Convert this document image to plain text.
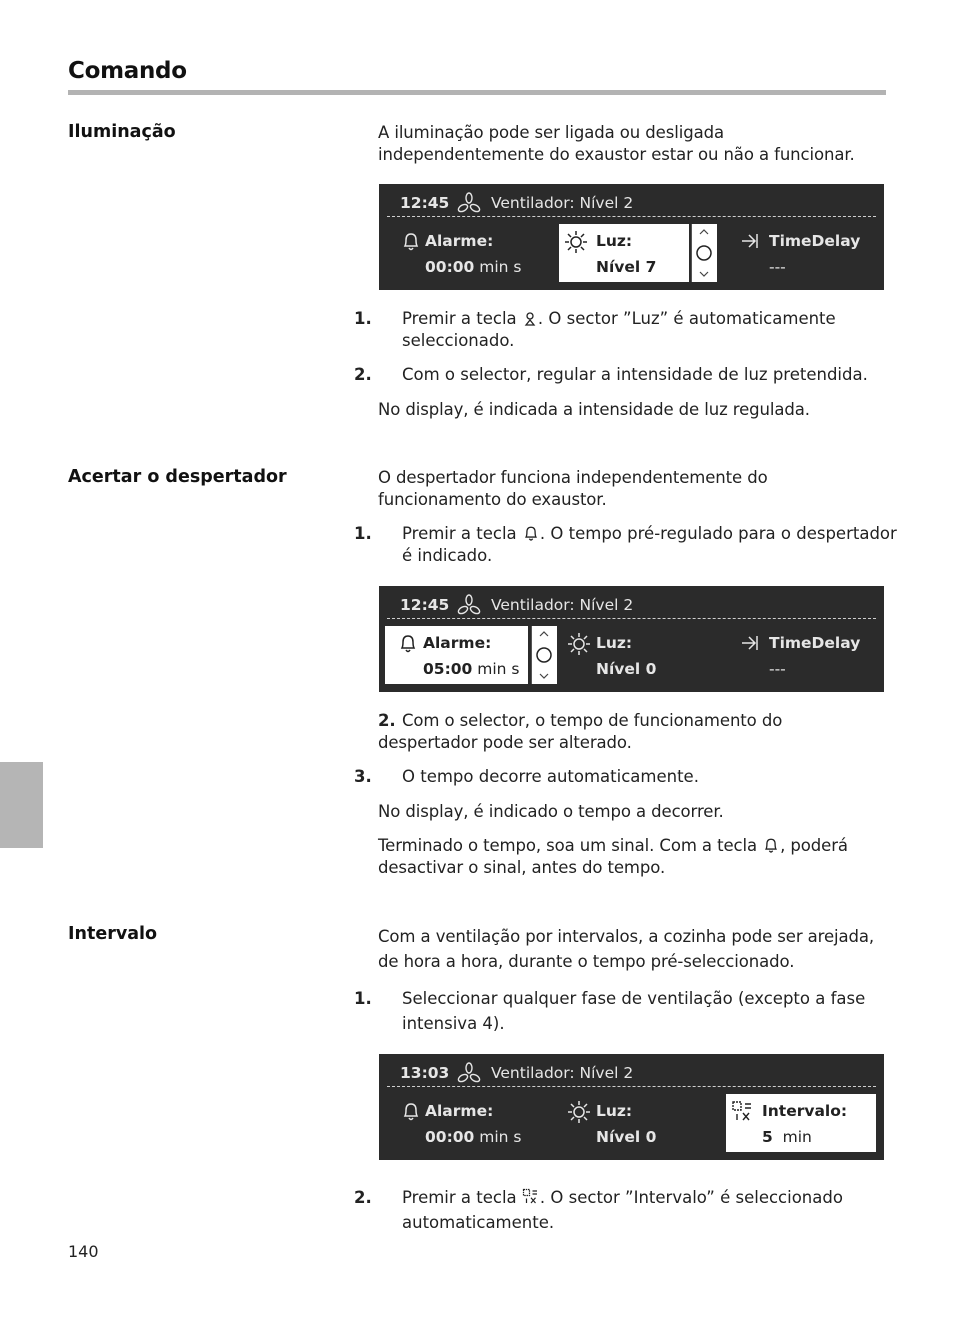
Comando
Iluminação	A iluminação pode ser ligada ou desligada independentemente do exaustor estar ou não a funcionar.
12:45	Ventilador: Nível 2
Alarme:
00:00 min s
Luz:
Nível 7
TimeDelay
---
1. Premir a tecla . O sector ”Luz” é automaticamente seleccionado.
2. Com o selector, regular a intensidade de luz pretendida.
No display, é indicada a intensidade de luz regulada.
Acertar o despertador	O despertador funciona independentemente do funcionamento do exaustor.
1. Premir a tecla . O tempo pré-regulado para o despertador é indicado.
12:45	Ventilador: Nível 2
Alarme:
05:00 min s
Luz:
Nível 0
TimeDelay
---
2. Com o selector, o tempo de funcionamento do despertador pode ser alterado.
3. O tempo decorre automaticamente.
No display, é indicado o tempo a decorrer.
Terminado o tempo, soa um sinal. Com a tecla , poderá desactivar o sinal, antes do tempo.
Intervalo	Com a ventilação por intervalos, a cozinha pode ser arejada, de hora a hora, durante o tempo pré-seleccionado.
1. Seleccionar qualquer fase de ventilação (excepto a fase intensiva 4).
13:03	Ventilador: Nível 2
Alarme:
00:00 min s
Luz:
Nível 0
Intervalo:
5 min
2. Premir a tecla . O sector ”Intervalo” é seleccionado automaticamente.
140
